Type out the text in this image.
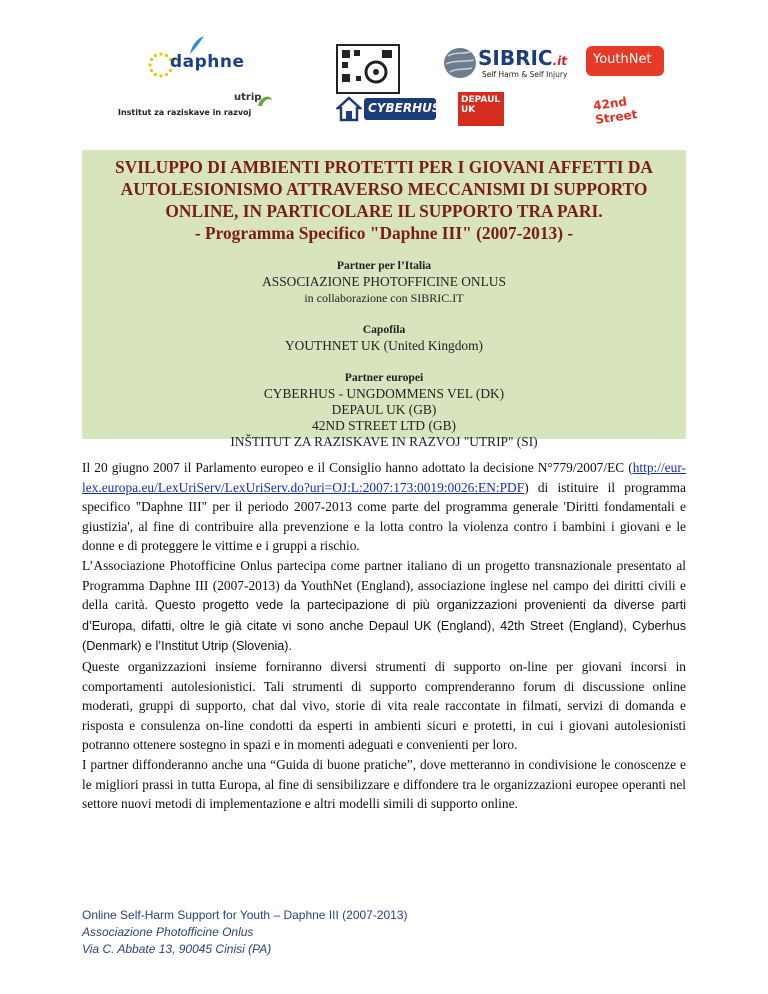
daphne
utrip
Institut za raziskave in razvoj	CYBERHUS
SIBRIC.it
Self Harm & Self Injury
YouthNet
DEPAUL UK	42nd Street
SVILUPPO DI AMBIENTI PROTETTI PER I GIOVANI AFFETTI DA
AUTOLESIONISMO ATTRAVERSO MECCANISMI DI SUPPORTO
ONLINE, IN PARTICOLARE IL SUPPORTO TRA PARI.
- Programma Specifico "Daphne III" (2007-2013) -
Partner per l’Italia
ASSOCIAZIONE PHOTOFFICINE ONLUS
in collaborazione con SIBRIC.IT
Capofila
YOUTHNET UK (United Kingdom)
Partner europei
CYBERHUS - UNGDOMMENS VEL (DK)
DEPAUL UK (GB)
42ND STREET LTD (GB)
INŠTITUT ZA RAZISKAVE IN RAZVOJ "UTRIP" (SI)

Il 20 giugno 2007 il Parlamento europeo e il Consiglio hanno adottato la decisione N°779/2007/EC (http://eur-lex.europa.eu/LexUriServ/LexUriServ.do?uri=OJ:L:2007:173:0019:0026:EN:PDF) di istituire il programma specifico "Daphne III" per il periodo 2007-2013 come parte del programma generale 'Diritti fondamentali e giustizia', al fine di contribuire alla prevenzione e la lotta contro la violenza contro i bambini i giovani e le donne e di proteggere le vittime e i gruppi a rischio.

L’Associazione Photofficine Onlus partecipa come partner italiano di un progetto transnazionale presentato al Programma Daphne III (2007-2013) da YouthNet (England), associazione inglese nel campo dei diritti civili e della carità. Questo progetto vede la partecipazione di più organizzazioni provenienti da diverse parti d’Europa, difatti, oltre le già citate vi sono anche Depaul UK (England), 42th Street (England), Cyberhus (Denmark) e l’Institut Utrip (Slovenia).

Queste organizzazioni insieme forniranno diversi strumenti di supporto on-line per giovani incorsi in comportamenti autolesionistici. Tali strumenti di supporto comprenderanno forum di discussione online moderati, gruppi di supporto, chat dal vivo, storie di vita reale raccontate in filmati, servizi di domanda e risposta e consulenza on-line condotti da esperti in ambienti sicuri e protetti, in cui i giovani autolesionisti potranno ottenere sostegno in spazi e in momenti adeguati e convenienti per loro.

I partner diffonderanno anche una “Guida di buone pratiche”, dove metteranno in condivisione le conoscenze e le migliori prassi in tutta Europa, al fine di sensibilizzare e diffondere tra le organizzazioni europee operanti nel settore nuovi metodi di implementazione e altri modelli simili di supporto online.

Online Self-Harm Support for Youth – Daphne III (2007-2013)
Associazione Photofficine Onlus
Via C. Abbate 13, 90045 Cinisi (PA)
